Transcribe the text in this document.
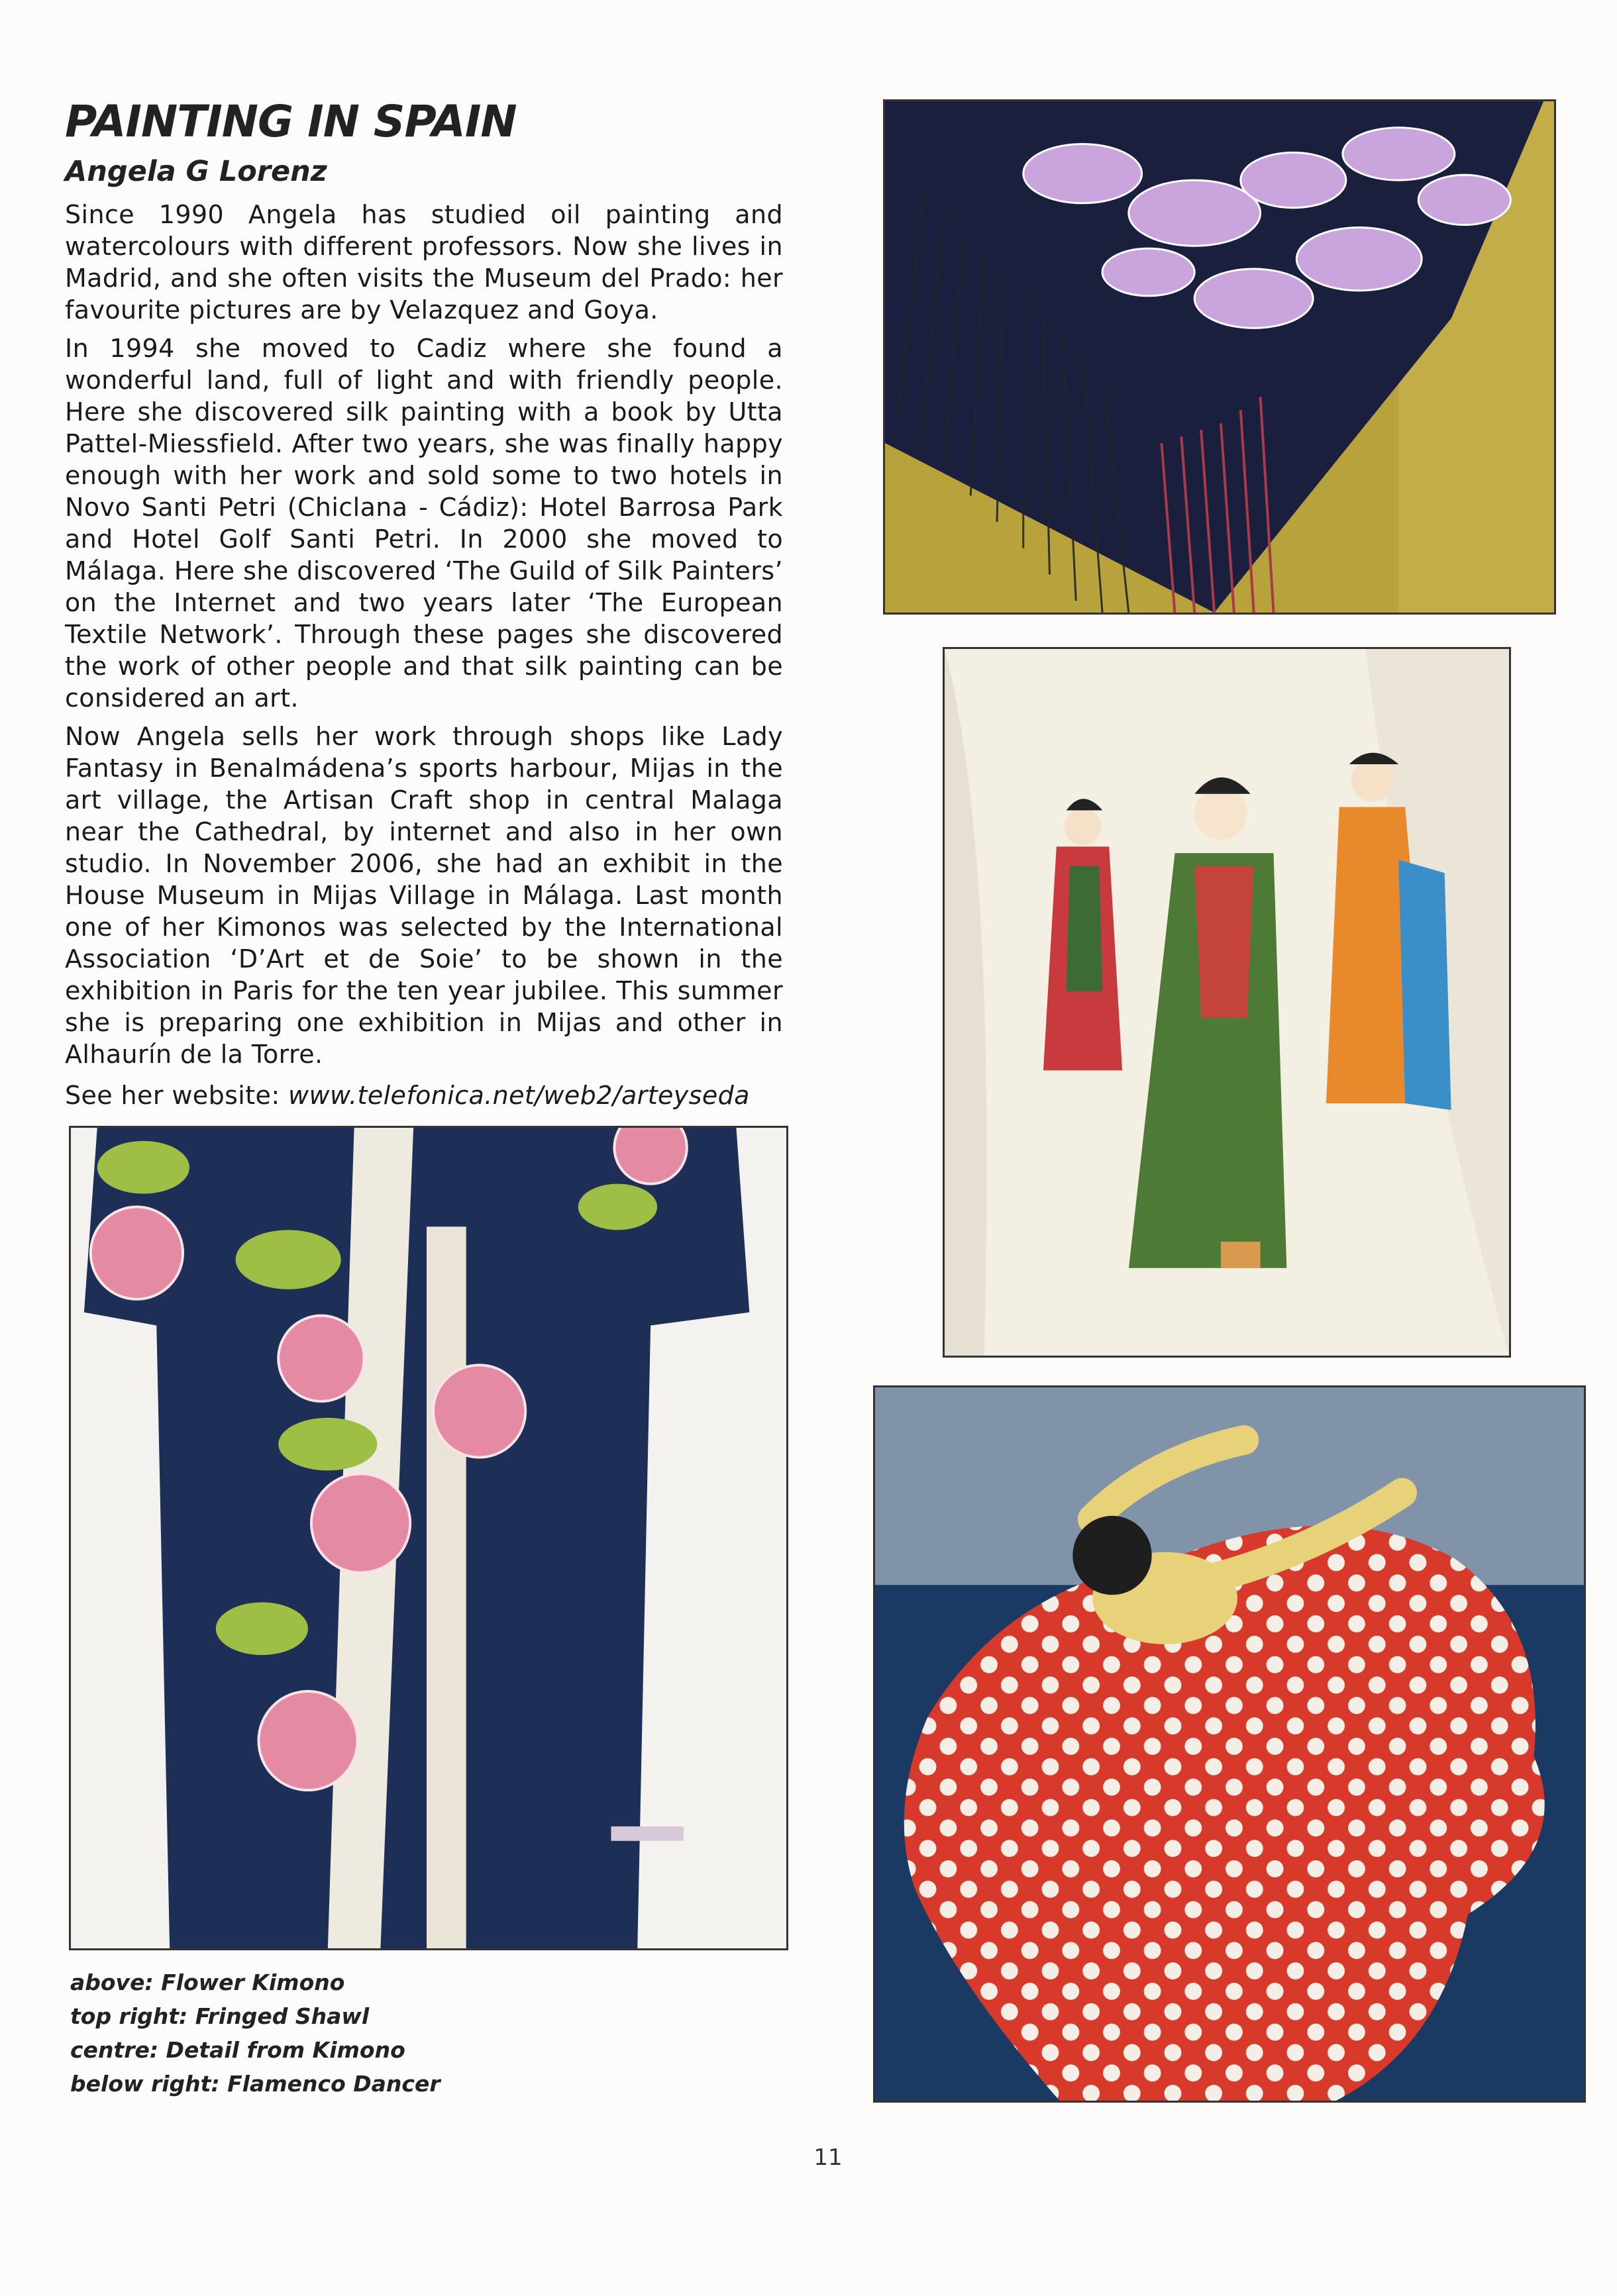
PAINTING IN SPAIN
Angela G Lorenz

Since 1990 Angela has studied oil painting and watercolours with different professors. Now she lives in Madrid, and she often visits the Museum del Prado: her favourite pictures are by Velazquez and Goya.

In 1994 she moved to Cadiz where she found a wonderful land, full of light and with friendly people. Here she discovered silk painting with a book by Utta Pattel-Miessfield. After two years, she was finally happy enough with her work and sold some to two hotels in Novo Santi Petri (Chiclana - Cádiz): Hotel Barrosa Park and Hotel Golf Santi Petri. In 2000 she moved to Málaga. Here she discovered ‘The Guild of Silk Painters’ on the Internet and two years later ‘The European Textile Network’. Through these pages she discovered the work of other people and that silk painting can be considered an art.

Now Angela sells her work through shops like Lady Fantasy in Benalmádena’s sports harbour, Mijas in the art village, the Artisan Craft shop in central Malaga near the Cathedral, by internet and also in her own studio. In November 2006, she had an exhibit in the House Museum in Mijas Village in Málaga. Last month one of her Kimonos was selected by the International Association ‘D’Art et de Soie’ to be shown in the exhibition in Paris for the ten year jubilee. This summer she is preparing one exhibition in Mijas and other in Alhaurín de la Torre.

See her website: www.telefonica.net/web2/arteyseda

above: Flower Kimono

top right: Fringed Shawl

centre: Detail from Kimono

below right: Flamenco Dancer

11
